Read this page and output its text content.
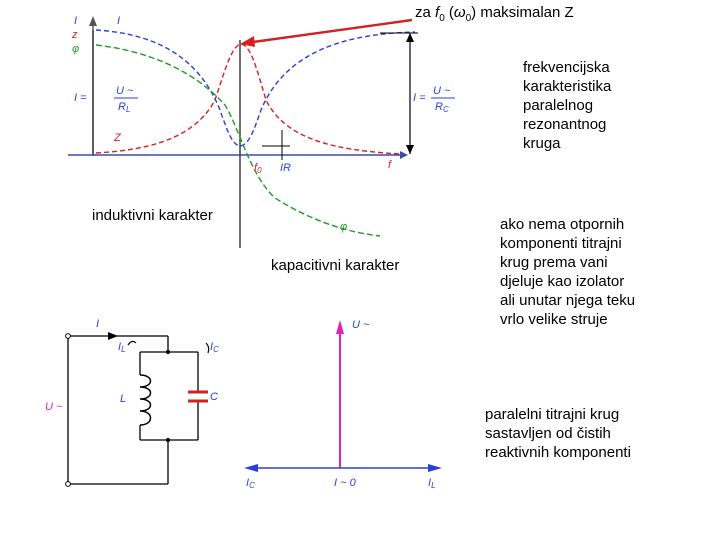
I
z
φ
I
I =
U ~
RL
I =
U ~
RC
Z
f
f0 IR
φ
U ~
I
IL	IC
L	C
U ~
IC	I ~ 0	IL
za $f_0$ $(\omega_0)$ maksimalan Z
frekvencijska
karakteristika
paralelnog
rezonantnog
kruga
induktivni karakter
kapacitivni karakter
ako nema otpornih
komponenti titrajni
krug prema vani
djeluje kao izolator
ali unutar njega teku
vrlo velike struje
paralelni titrajni krug
sastavljen od čistih
reaktivnih komponenti
